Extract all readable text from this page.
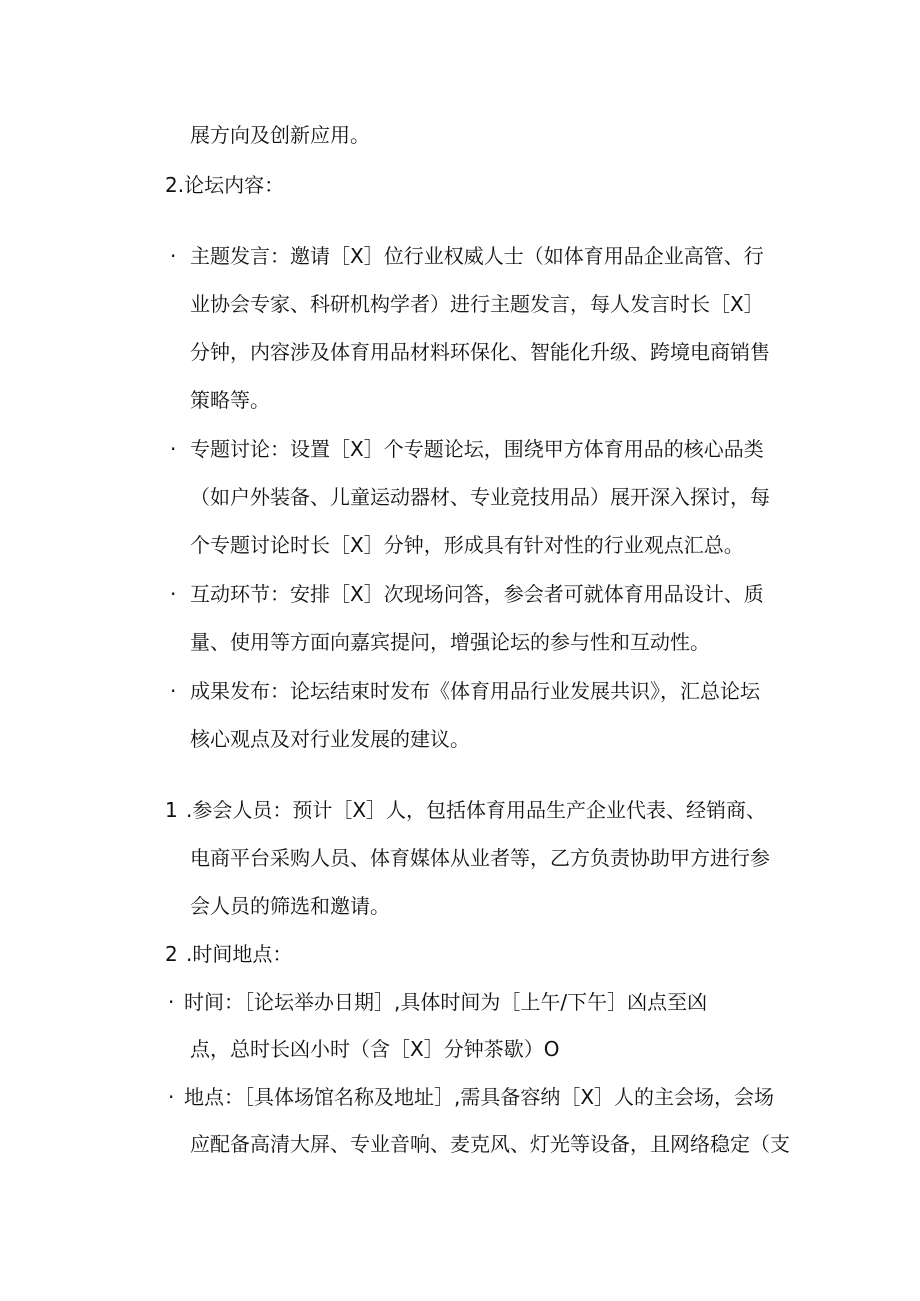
展方向及创新应用。
2.论坛内容：
· 主题发言：邀请［X］位行业权威人士（如体育用品企业高管、行
业协会专家、科研机构学者）进行主题发言，每人发言时长［X］
分钟，内容涉及体育用品材料环保化、智能化升级、跨境电商销售
策略等。
· 专题讨论：设置［X］个专题论坛，围绕甲方体育用品的核心品类
（如户外装备、儿童运动器材、专业竞技用品）展开深入探讨，每
个专题讨论时长［X］分钟，形成具有针对性的行业观点汇总。
· 互动环节：安排［X］次现场问答，参会者可就体育用品设计、质
量、使用等方面向嘉宾提问，增强论坛的参与性和互动性。
· 成果发布：论坛结束时发布《体育用品行业发展共识》，汇总论坛
核心观点及对行业发展的建议。
1 .参会人员：预计［X］人，包括体育用品生产企业代表、经销商、
电商平台采购人员、体育媒体从业者等，乙方负责协助甲方进行参
会人员的筛选和邀请。
2 .时间地点：
· 时间：［论坛举办日期］,具体时间为［上午/下午］凶点至凶
点，总时长凶小时（含［X］分钟茶歇）O
· 地点：［具体场馆名称及地址］,需具备容纳［X］人的主会场，会场
应配备高清大屏、专业音响、麦克风、灯光等设备，且网络稳定（支
